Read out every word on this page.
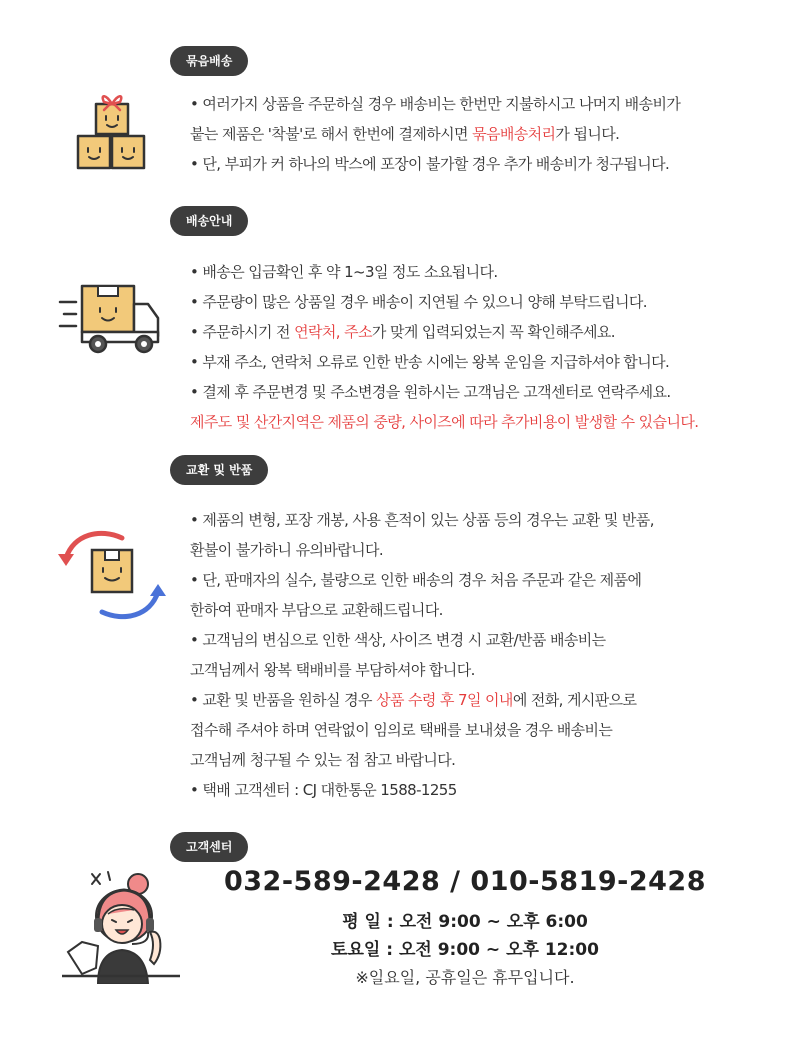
묶음배송
• 여러가지 상품을 주문하실 경우 배송비는 한번만 지불하시고 나머지 배송비가
붙는 제품은 '착불'로 해서 한번에 결제하시면 묶음배송처리가 됩니다.
• 단, 부피가 커 하나의 박스에 포장이 불가할 경우 추가 배송비가 청구됩니다.
배송안내
• 배송은 입금확인 후 약 1~3일 정도 소요됩니다.
• 주문량이 많은 상품일 경우 배송이 지연될 수 있으니 양해 부탁드립니다.
• 주문하시기 전 연락처, 주소가 맞게 입력되었는지 꼭 확인해주세요.
• 부재 주소, 연락처 오류로 인한 반송 시에는 왕복 운임을 지급하셔야 합니다.
• 결제 후 주문변경 및 주소변경을 원하시는 고객님은 고객센터로 연락주세요.
제주도 및 산간지역은 제품의 중량, 사이즈에 따라 추가비용이 발생할 수 있습니다.
교환 및 반품
• 제품의 변형, 포장 개봉, 사용 흔적이 있는 상품 등의 경우는 교환 및 반품,
환불이 불가하니 유의바랍니다.
• 단, 판매자의 실수, 불량으로 인한 배송의 경우 처음 주문과 같은 제품에
한하여 판매자 부담으로 교환해드립니다.
• 고객님의 변심으로 인한 색상, 사이즈 변경 시 교환/반품 배송비는
고객님께서 왕복 택배비를 부담하셔야 합니다.
• 교환 및 반품을 원하실 경우 상품 수령 후 7일 이내에 전화, 게시판으로
접수해 주셔야 하며 연락없이 임의로 택배를 보내셨을 경우 배송비는
고객님께 청구될 수 있는 점 참고 바랍니다.
• 택배 고객센터 : CJ 대한통운 1588-1255
고객센터
032-589-2428 / 010-5819-2428
평 일 : 오전 9:00 ~ 오후 6:00
토요일 : 오전 9:00 ~ 오후 12:00
※일요일, 공휴일은 휴무입니다.
